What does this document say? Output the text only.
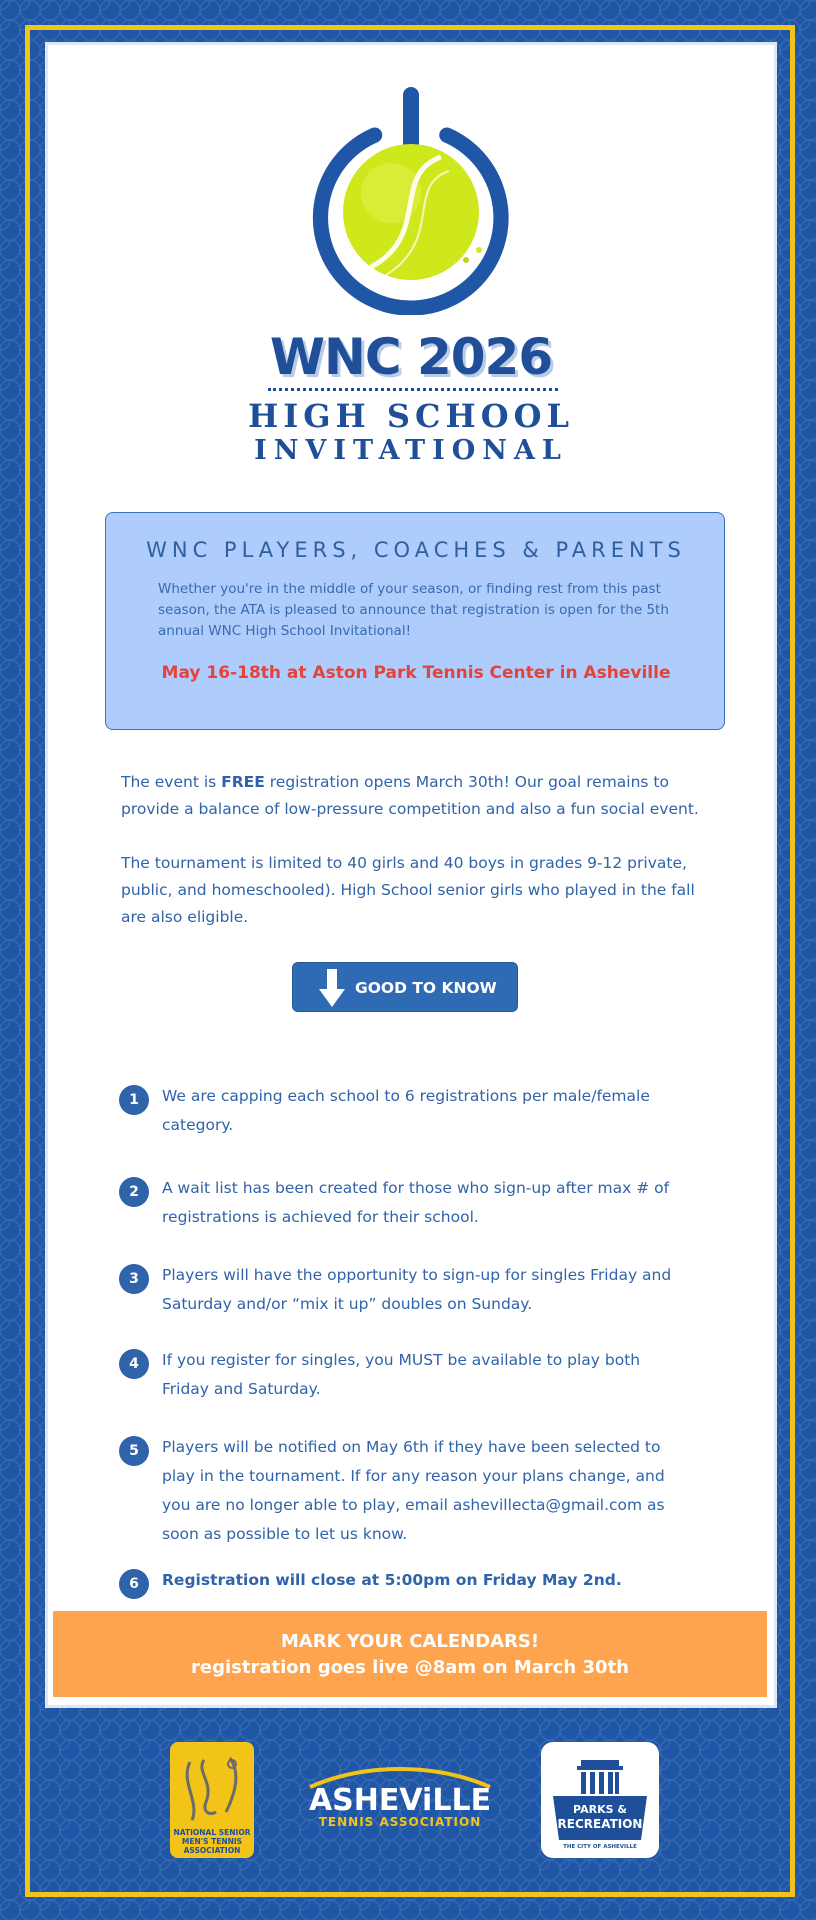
WNC 2026
HIGH SCHOOL
INVITATIONAL
WNC PLAYERS, COACHES & PARENTS
Whether you're in the middle of your season, or finding rest from this past season, the ATA is pleased to announce that registration is open for the 5th annual WNC High School Invitational!
May 16-18th at Aston Park Tennis Center in Asheville
The event is FREE registration opens March 30th! Our goal remains to provide a balance of low-pressure competition and also a fun social event.
The tournament is limited to 40 girls and 40 boys in grades 9-12 private, public, and homeschooled). High School senior girls who played in the fall are also eligible.
GOOD TO KNOW
1	We are capping each school to 6 registrations per male/female category.
2	A wait list has been created for those who sign-up after max # of registrations is achieved for their school.
3	Players will have the opportunity to sign-up for singles Friday and Saturday and/or “mix it up” doubles on Sunday.
4	If you register for singles, you MUST be available to play both Friday and Saturday.
5	Players will be notified on May 6th if they have been selected to play in the tournament. If for any reason your plans change, and you are no longer able to play, email ashevillecta@gmail.com as soon as possible to let us know.
6	Registration will close at 5:00pm on Friday May 2nd.
MARK YOUR CALENDARS!
registration goes live @8am on March 30th
NATIONAL SENIOR
MEN'S TENNIS
ASSOCIATION
ASHEViLLE
TENNIS ASSOCIATION
PARKS &
RECREATION
THE CITY OF ASHEVILLE
